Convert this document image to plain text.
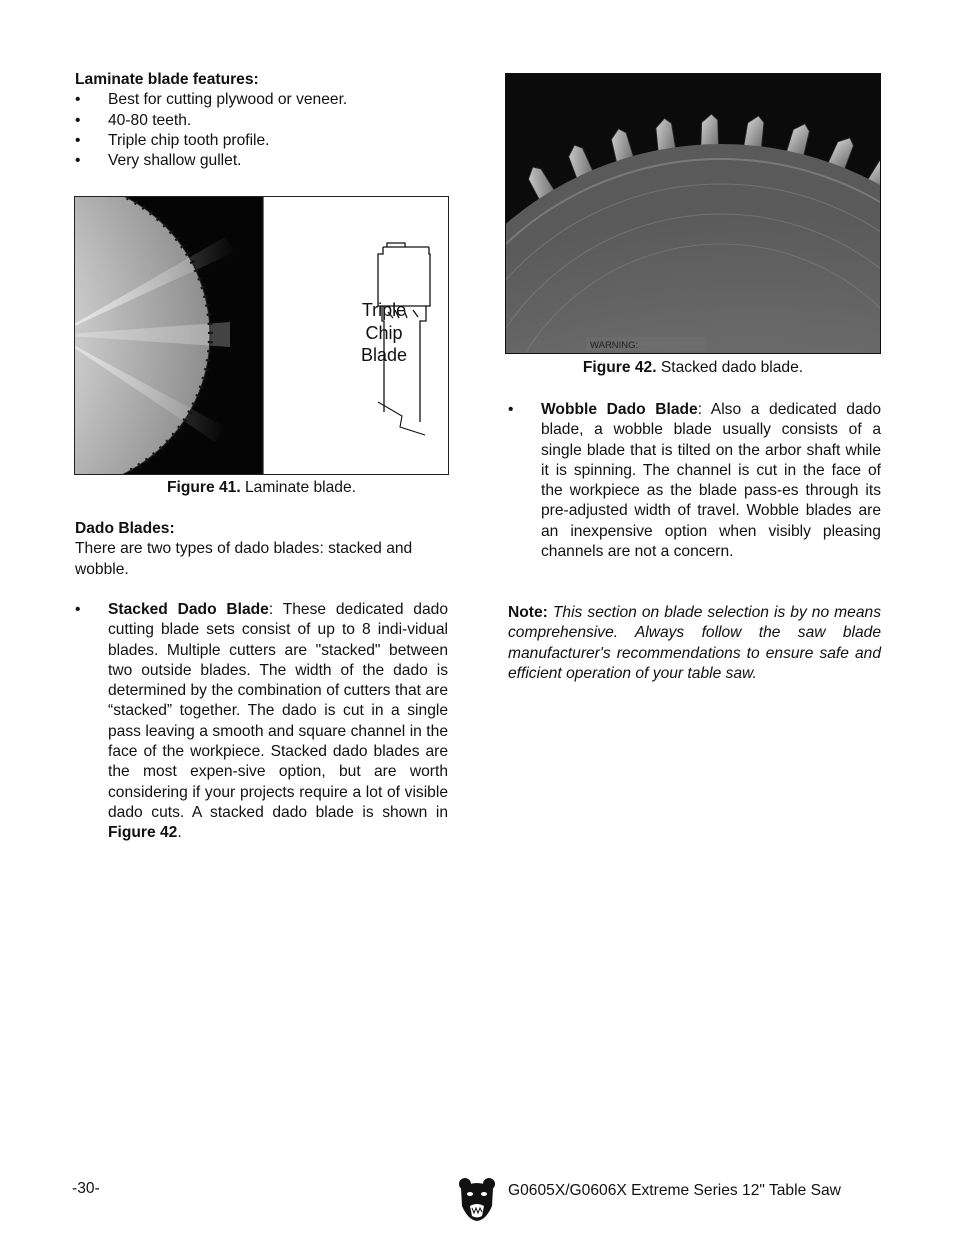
Laminate blade features:

• Best for cutting plywood or veneer.
• 40-80 teeth.
• Triple chip tooth profile.
• Very shallow gullet.
Triple
Chip
Blade
Figure 41. Laminate blade.

Dado Blades:

There are two types of dado blades: stacked and wobble.

• Stacked Dado Blade: These dedicated dado cutting blade sets consist of up to 8 indi-vidual blades. Multiple cutters are "stacked" between two outside blades. The width of the dado is determined by the combination of cutters that are “stacked” together. The dado is cut in a single pass leaving a smooth and square channel in the face of the workpiece. Stacked dado blades are the most expen-sive option, but are worth considering if your projects require a lot of visible dado cuts. A stacked dado blade is shown in Figure 42.

WARNING:
Figure 42. Stacked dado blade.
• Wobble Dado Blade: Also a dedicated dado blade, a wobble blade usually consists of a single blade that is tilted on the arbor shaft while it is spinning. The channel is cut in the face of the workpiece as the blade pass-es through its pre-adjusted width of travel. Wobble blades are an inexpensive option when visibly pleasing channels are not a concern.

Note: This section on blade selection is by no means comprehensive. Always follow the saw blade manufacturer's recommendations to ensure safe and efficient operation of your table saw.

-30-	G0605X/G0606X Extreme Series 12" Table Saw
